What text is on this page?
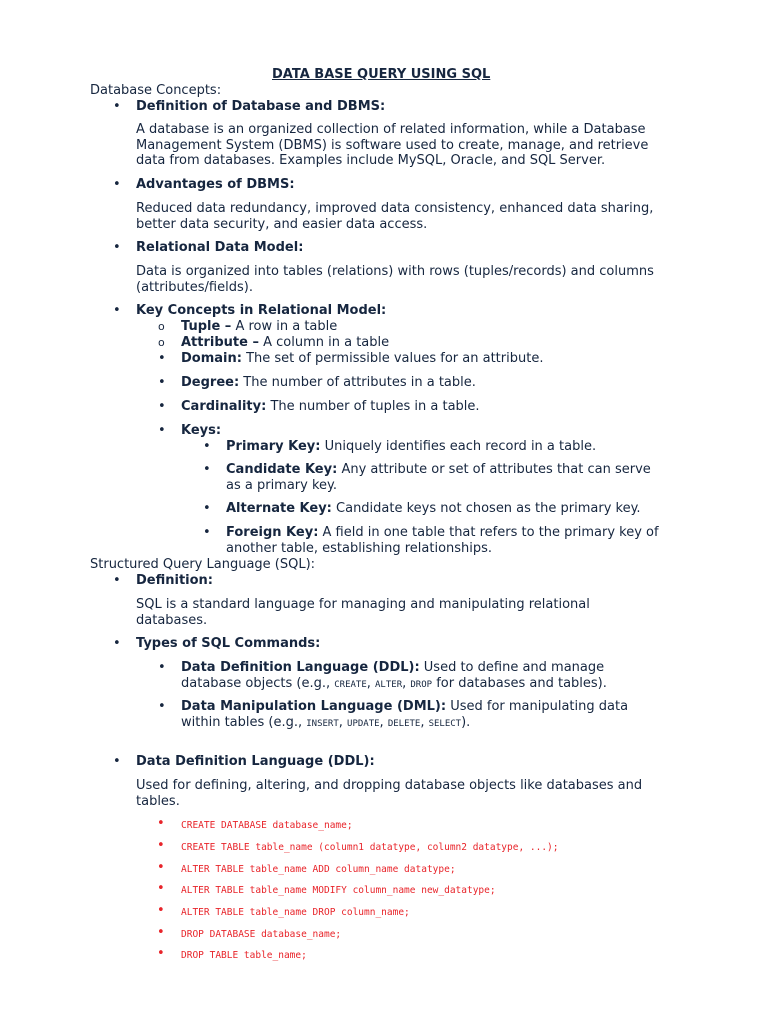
DATA BASE QUERY USING SQL
Database Concepts:
• Definition of Database and DBMS:
A database is an organized collection of related information, while a Database Management System (DBMS) is software used to create, manage, and retrieve data from databases. Examples include MySQL, Oracle, and SQL Server.
• Advantages of DBMS:
Reduced data redundancy, improved data consistency, enhanced data sharing, better data security, and easier data access.
• Relational Data Model:
Data is organized into tables (relations) with rows (tuples/records) and columns (attributes/fields).
• Key Concepts in Relational Model:
o Tuple – A row in a table
o Attribute – A column in a table
• Domain: The set of permissible values for an attribute.
• Degree: The number of attributes in a table.
• Cardinality: The number of tuples in a table.
• Keys:
• Primary Key: Uniquely identifies each record in a table.
• Candidate Key: Any attribute or set of attributes that can serve
as a primary key.
• Alternate Key: Candidate keys not chosen as the primary key.
• Foreign Key: A field in one table that refers to the primary key of
another table, establishing relationships.
Structured Query Language (SQL):
• Definition:
SQL is a standard language for managing and manipulating relational databases.
• Types of SQL Commands:
• Data Definition Language (DDL): Used to define and manage
database objects (e.g., CREATE, ALTER, DROP for databases and tables).
• Data Manipulation Language (DML): Used for manipulating data
within tables (e.g., INSERT, UPDATE, DELETE, SELECT).
• Data Definition Language (DDL):
Used for defining, altering, and dropping database objects like databases and tables.
• CREATE DATABASE database_name;
• CREATE TABLE table_name (column1 datatype, column2 datatype, ...);
• ALTER TABLE table_name ADD column_name datatype;
• ALTER TABLE table_name MODIFY column_name new_datatype;
• ALTER TABLE table_name DROP column_name;
• DROP DATABASE database_name;
• DROP TABLE table_name;
